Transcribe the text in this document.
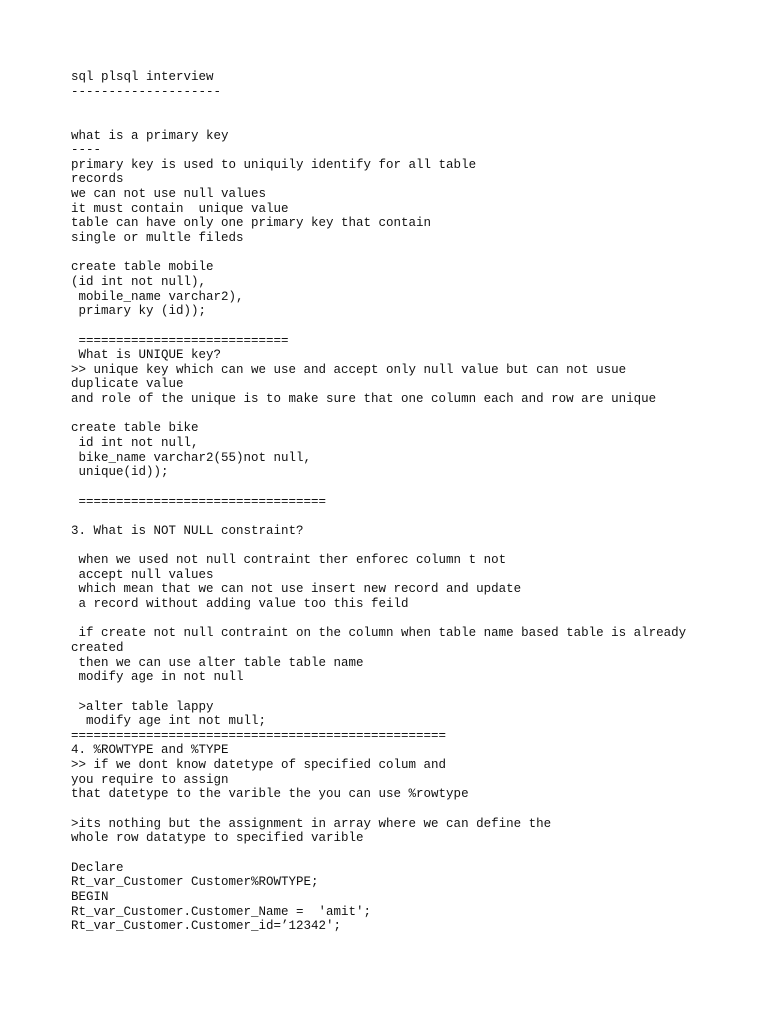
sql plsql interview
--------------------
what is a primary key
----
primary key is used to uniquily identify for all table
records
we can not use null values
it must contain  unique value
table can have only one primary key that contain
single or multle fileds
create table mobile
(id int not null),
mobile_name varchar2),
primary ky (id));
============================
What is UNIQUE key?
>> unique key which can we use and accept only null value but can not usue
duplicate value
and role of the unique is to make sure that one column each and row are unique
create table bike
id int not null,
bike_name varchar2(55)not null,
unique(id));
=================================
3. What is NOT NULL constraint?
when we used not null contraint ther enforec column t not
accept null values
which mean that we can not use insert new record and update
a record without adding value too this feild
if create not null contraint on the column when table name based table is already
created
then we can use alter table table name
modify age in not null
>alter table lappy
modify age int not mull;
==================================================
4. %ROWTYPE and %TYPE
>> if we dont know datetype of specified colum and
you require to assign
that datetype to the varible the you can use %rowtype
>its nothing but the assignment in array where we can define the
whole row datatype to specified varible
Declare
Rt_var_Customer Customer%ROWTYPE;
BEGIN
Rt_var_Customer.Customer_Name =  'amit';
Rt_var_Customer.Customer_id=’12342';
